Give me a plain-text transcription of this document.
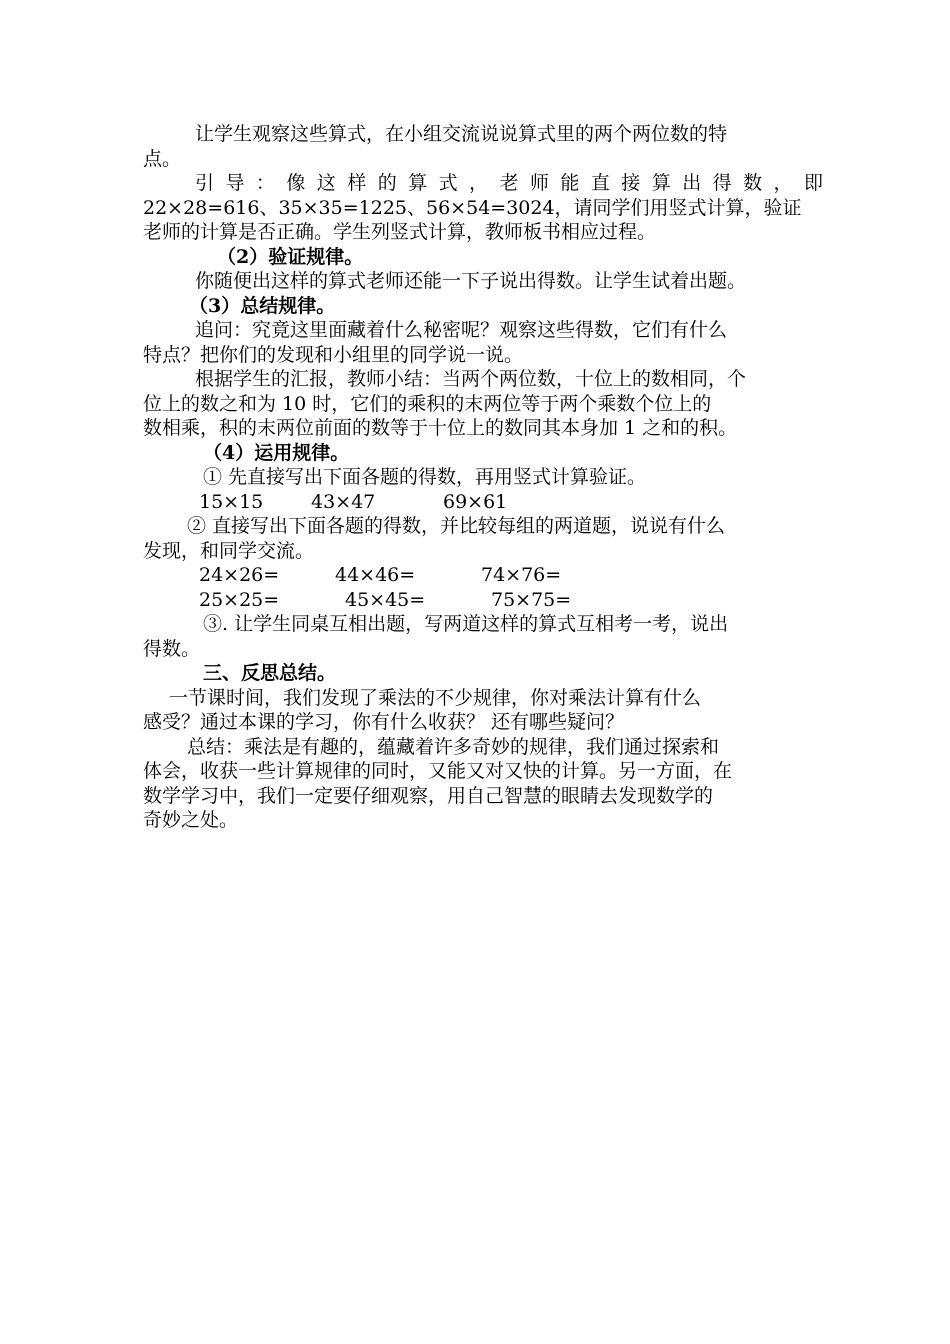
让学生观察这些算式，在小组交流说说算式里的两个两位数的特
点。
引导：像这样的算式，老师能直接算出得数，即
22×28=616、35×35=1225、56×54=3024，请同学们用竖式计算，验证
老师的计算是否正确。学生列竖式计算，教师板书相应过程。
（2）验证规律。
你随便出这样的算式老师还能一下子说出得数。让学生试着出题。
（3）总结规律。
追问：究竟这里面藏着什么秘密呢？观察这些得数，它们有什么
特点？把你们的发现和小组里的同学说一说。
根据学生的汇报，教师小结：当两个两位数，十位上的数相同，个
位上的数之和为 10 时，它们的乘积的末两位等于两个乘数个位上的
数相乘，积的末两位前面的数等于十位上的数同其本身加 1 之和的积。
（4）运用规律。
① 先直接写出下面各题的得数，再用竖式计算验证。
15×15	43×47	69×61
② 直接写出下面各题的得数，并比较每组的两道题，说说有什么
发现，和同学交流。
24×26=	44×46=	74×76=
25×25=	45×45=	75×75=
③. 让学生同桌互相出题，写两道这样的算式互相考一考，说出
得数。
三、反思总结。
一节课时间，我们发现了乘法的不少规律，你对乘法计算有什么
感受？通过本课的学习，你有什么收获？ 还有哪些疑问？
总结：乘法是有趣的，蕴藏着许多奇妙的规律，我们通过探索和
体会，收获一些计算规律的同时，又能又对又快的计算。另一方面，在
数学学习中，我们一定要仔细观察，用自己智慧的眼睛去发现数学的
奇妙之处。
